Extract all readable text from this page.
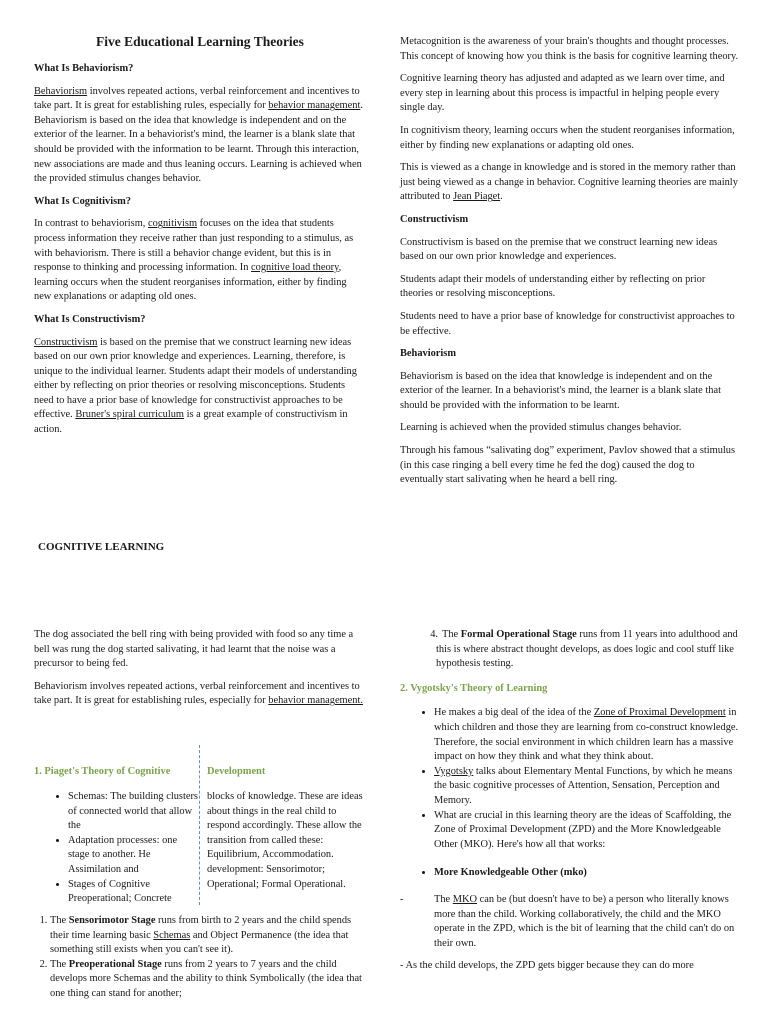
Five Educational Learning Theories
What Is Behaviorism?

Behaviorism involves repeated actions, verbal reinforcement and incentives to take part. It is great for establishing rules, especially for behavior management. Behaviorism is based on the idea that knowledge is independent and on the exterior of the learner. In a behaviorist's mind, the learner is a blank slate that should be provided with the information to be learnt. Through this interaction, new associations are made and thus leaning occurs. Learning is achieved when the provided stimulus changes behavior.

What Is Cognitivism?

In contrast to behaviorism, cognitivism focuses on the idea that students process information they receive rather than just responding to a stimulus, as with behaviorism. There is still a behavior change evident, but this is in response to thinking and processing information. In cognitive load theory, learning occurs when the student reorganises information, either by finding new explanations or adapting old ones.

What Is Constructivism?

Constructivism is based on the premise that we construct learning new ideas based on our own prior knowledge and experiences. Learning, therefore, is unique to the individual learner. Students adapt their models of understanding either by reflecting on prior theories or resolving misconceptions. Students need to have a prior base of knowledge for constructivist approaches to be effective. Bruner's spiral curriculum is a great example of constructivism in action.

Metacognition is the awareness of your brain's thoughts and thought processes. This concept of knowing how you think is the basis for cognitive learning theory.

Cognitive learning theory has adjusted and adapted as we learn over time, and every step in learning about this process is impactful in helping people every single day.

In cognitivism theory, learning occurs when the student reorganises information, either by finding new explanations or adapting old ones.

This is viewed as a change in knowledge and is stored in the memory rather than just being viewed as a change in behavior. Cognitive learning theories are mainly attributed to Jean Piaget.

Constructivism

Constructivism is based on the premise that we construct learning new ideas based on our own prior knowledge and experiences.

Students adapt their models of understanding either by reflecting on prior theories or resolving misconceptions.

Students need to have a prior base of knowledge for constructivist approaches to be effective.

Behaviorism

Behaviorism is based on the idea that knowledge is independent and on the exterior of the learner. In a behaviorist's mind, the learner is a blank slate that should be provided with the information to be learnt.

Learning is achieved when the provided stimulus changes behavior.

Through his famous “salivating dog” experiment, Pavlov showed that a stimulus (in this case ringing a bell every time he fed the dog) caused the dog to eventually start salivating when he heard a bell ring.

COGNITIVE LEARNING

The dog associated the bell ring with being provided with food so any time a bell was rung the dog started salivating, it had learnt that the noise was a precursor to being fed.

Behaviorism involves repeated actions, verbal reinforcement and incentives to take part. It is great for establishing rules, especially for behavior management.

1. Piaget's Theory of Cognitive	Development
• Schemas: The building clusters of connected world that allow the
• Adaptation processes: one stage to another. He Assimilation and
• Stages of Cognitive Preoperational; Concrete
blocks of knowledge. These are ideas about things in the real child to respond accordingly. These allow the transition from called these: Equilibrium, Accommodation. development: Sensorimotor; Operational; Formal Operational.
1. The Sensorimotor Stage runs from birth to 2 years and the child spends their time learning basic Schemas and Object Permanence (the idea that something still exists when you can't see it).
2. The Preoperational Stage runs from 2 years to 7 years and the child develops more Schemas and the ability to think Symbolically (the idea that one thing can stand for another;
4. The Formal Operational Stage runs from 11 years into adulthood and this is where abstract thought develops, as does logic and cool stuff like hypothesis testing.
2. Vygotsky's Theory of Learning
• He makes a big deal of the idea of the Zone of Proximal Development in which children and those they are learning from co-construct knowledge. Therefore, the social environment in which children learn has a massive impact on how they think and what they think about.
• Vygotsky talks about Elementary Mental Functions, by which he means the basic cognitive processes of Attention, Sensation, Perception and Memory.
• What are crucial in this learning theory are the ideas of Scaffolding, the Zone of Proximal Development (ZPD) and the More Knowledgeable Other (MKO). Here's how all that works:
• More Knowledgeable Other (mko)
-	The MKO can be (but doesn't have to be) a person who literally knows more than the child. Working collaboratively, the child and the MKO operate in the ZPD, which is the bit of learning that the child can't do on their own.
- As the child develops, the ZPD gets bigger because they can do more
